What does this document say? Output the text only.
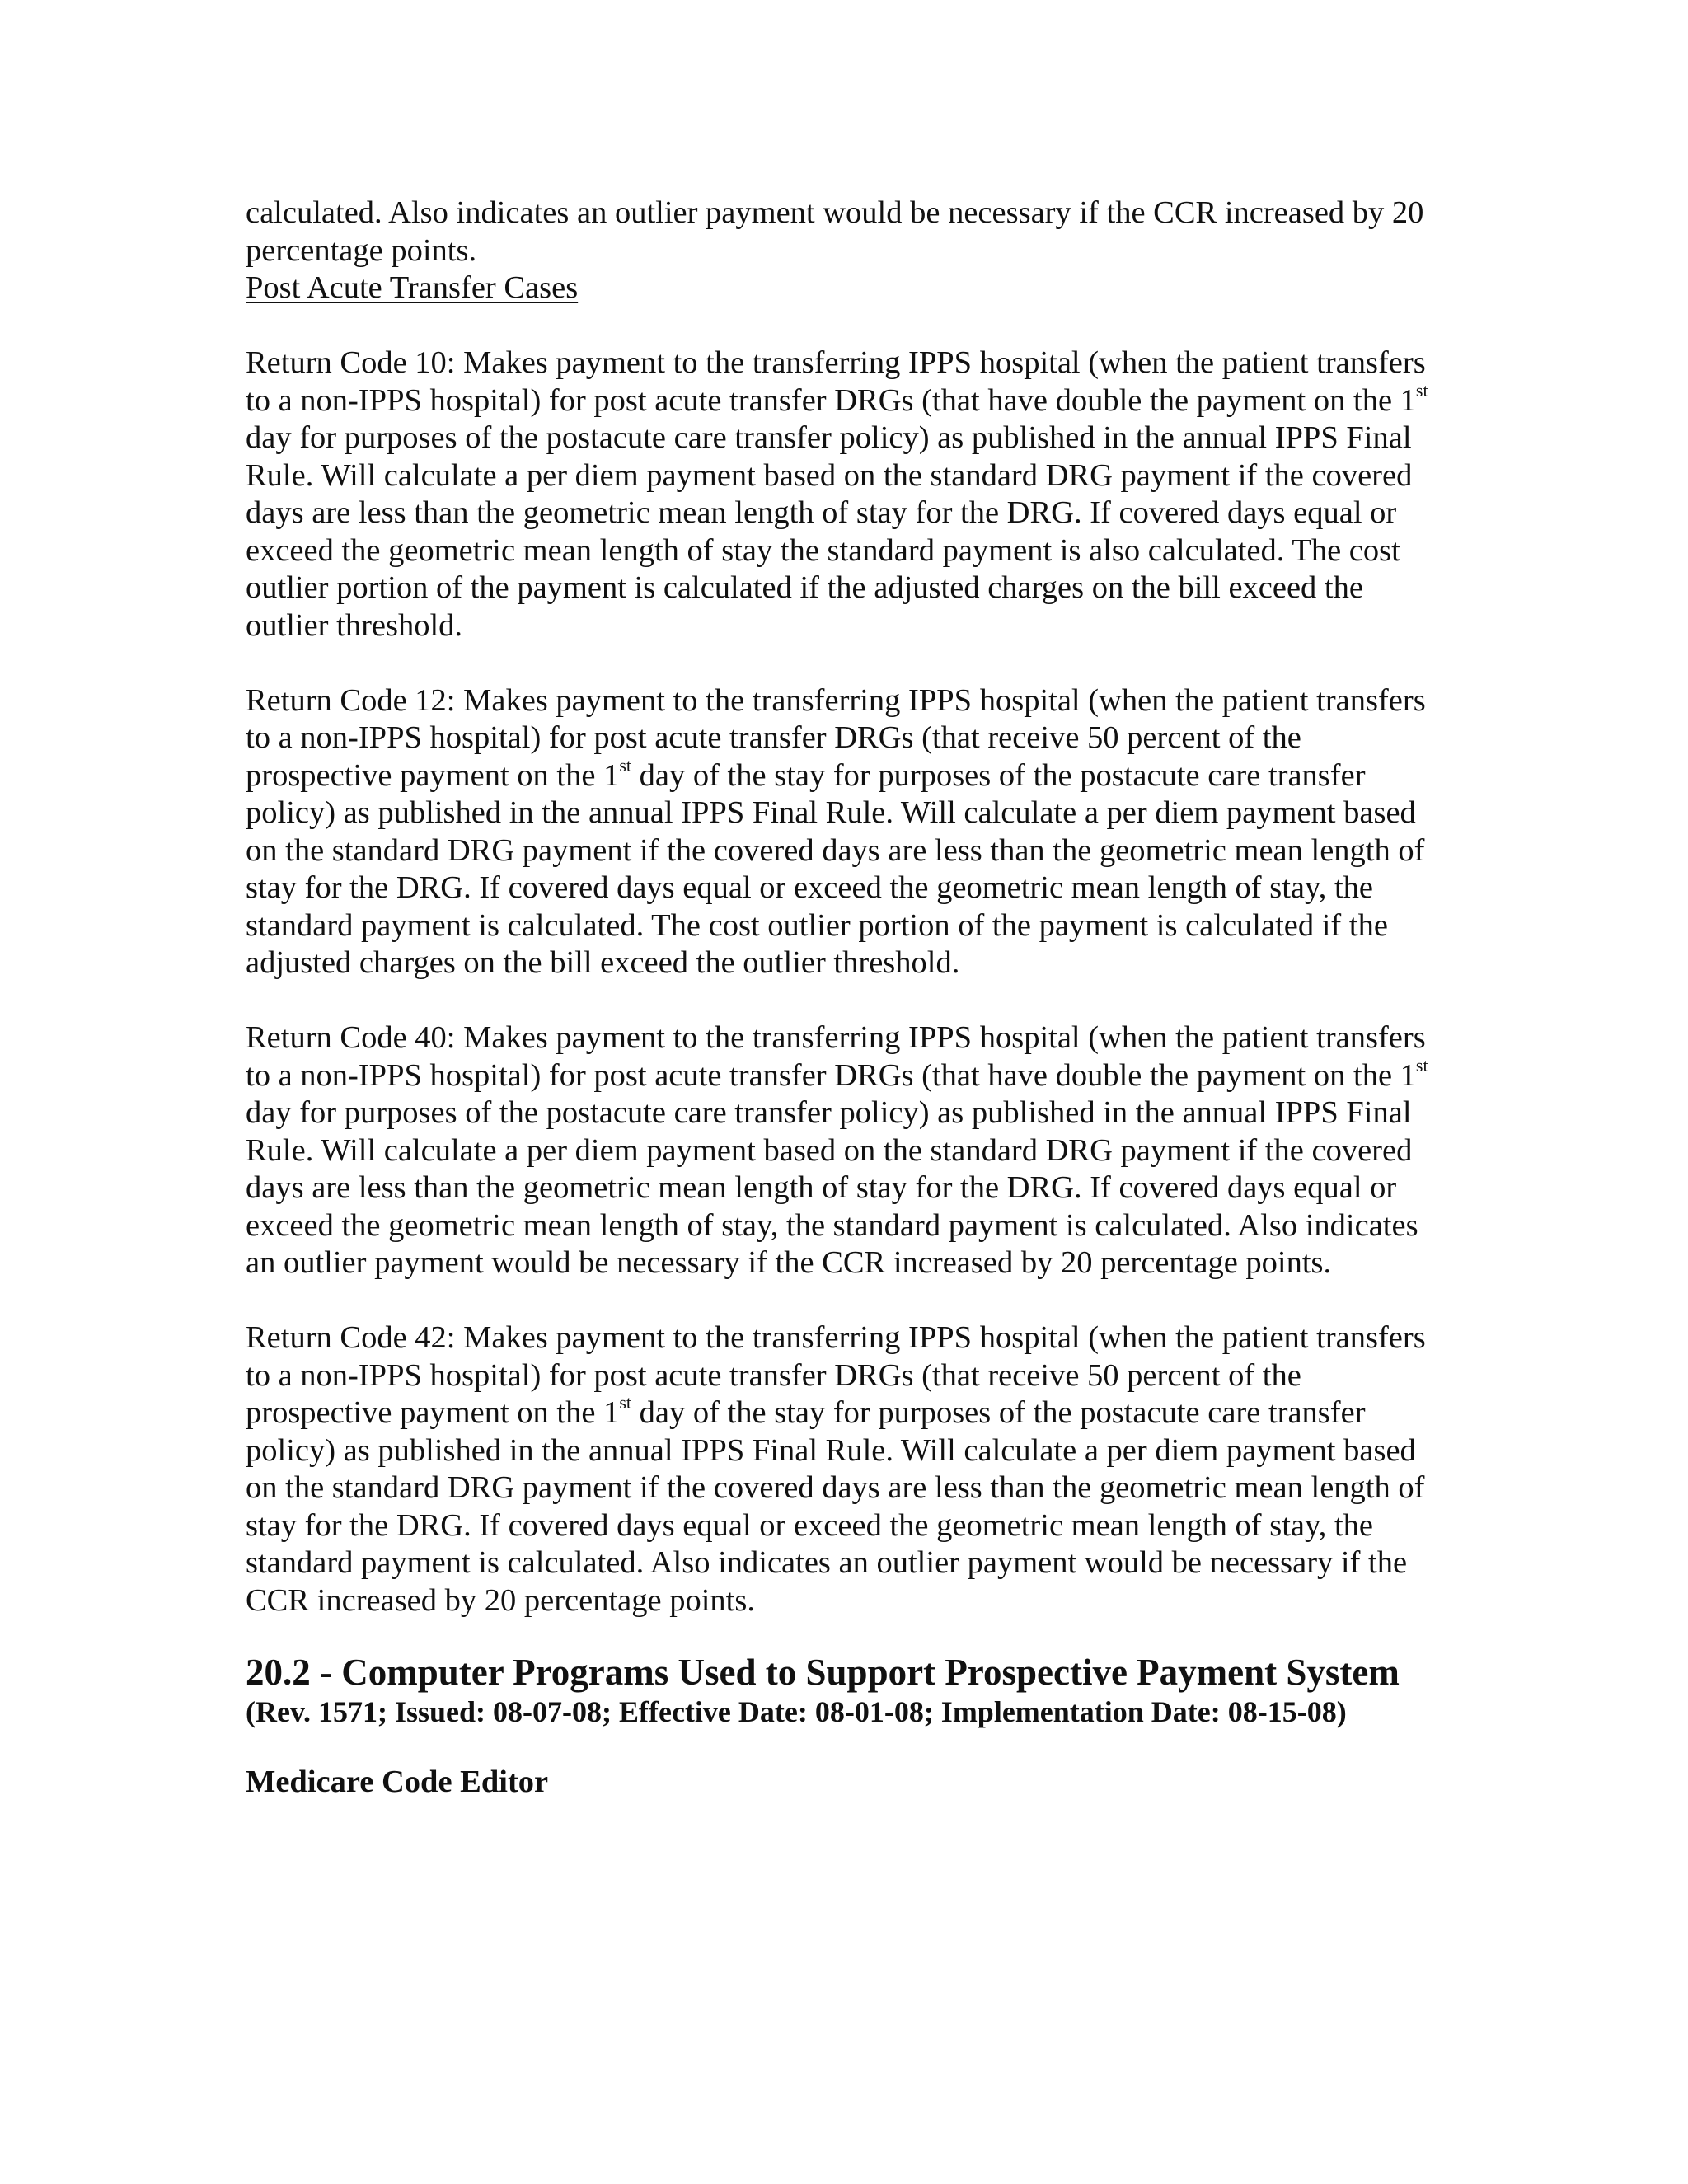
calculated. Also indicates an outlier payment would be necessary if the CCR increased by 20 percentage points.

Post Acute Transfer Cases

Return Code 10: Makes payment to the transferring IPPS hospital (when the patient transfers to a non-IPPS hospital) for post acute transfer DRGs (that have double the payment on the 1st day for purposes of the postacute care transfer policy) as published in the annual IPPS Final Rule. Will calculate a per diem payment based on the standard DRG payment if the covered days are less than the geometric mean length of stay for the DRG. If covered days equal or exceed the geometric mean length of stay the standard payment is also calculated. The cost outlier portion of the payment is calculated if the adjusted charges on the bill exceed the outlier threshold.

Return Code 12: Makes payment to the transferring IPPS hospital (when the patient transfers to a non-IPPS hospital) for post acute transfer DRGs (that receive 50 percent of the prospective payment on the 1st day of the stay for purposes of the postacute care transfer policy) as published in the annual IPPS Final Rule. Will calculate a per diem payment based on the standard DRG payment if the covered days are less than the geometric mean length of stay for the DRG. If covered days equal or exceed the geometric mean length of stay, the standard payment is calculated. The cost outlier portion of the payment is calculated if the adjusted charges on the bill exceed the outlier threshold.

Return Code 40: Makes payment to the transferring IPPS hospital (when the patient transfers to a non-IPPS hospital) for post acute transfer DRGs (that have double the payment on the 1st day for purposes of the postacute care transfer policy) as published in the annual IPPS Final Rule. Will calculate a per diem payment based on the standard DRG payment if the covered days are less than the geometric mean length of stay for the DRG. If covered days equal or exceed the geometric mean length of stay, the standard payment is calculated. Also indicates an outlier payment would be necessary if the CCR increased by 20 percentage points.

Return Code 42: Makes payment to the transferring IPPS hospital (when the patient transfers to a non-IPPS hospital) for post acute transfer DRGs (that receive 50 percent of the prospective payment on the 1st day of the stay for purposes of the postacute care transfer policy) as published in the annual IPPS Final Rule. Will calculate a per diem payment based on the standard DRG payment if the covered days are less than the geometric mean length of stay for the DRG. If covered days equal or exceed the geometric mean length of stay, the standard payment is calculated. Also indicates an outlier payment would be necessary if the CCR increased by 20 percentage points.

20.2 - Computer Programs Used to Support Prospective Payment System

(Rev. 1571; Issued: 08-07-08; Effective Date: 08-01-08; Implementation Date: 08-15-08)

Medicare Code Editor
